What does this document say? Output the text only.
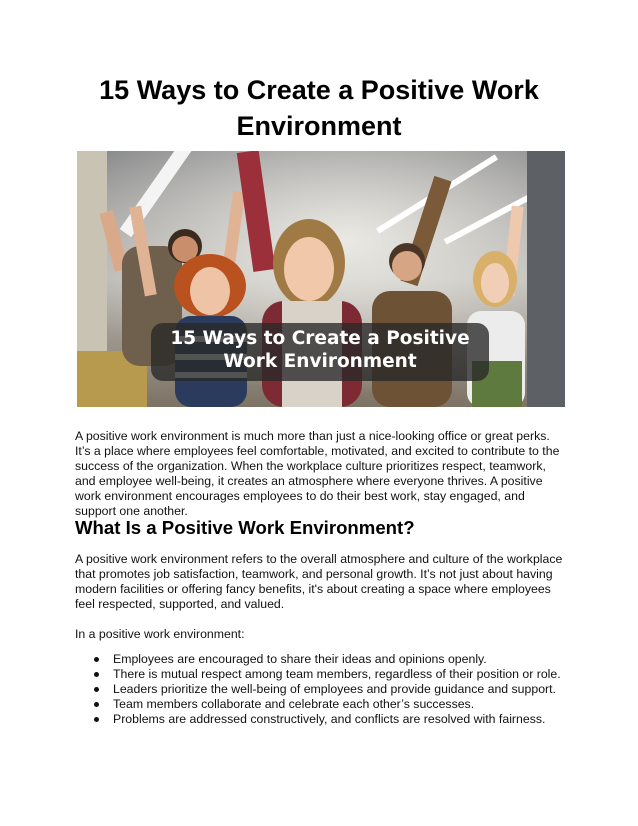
15 Ways to Create a Positive Work Environment
15 Ways to Create a Positive Work Environment

A positive work environment is much more than just a nice-looking office or great perks. It’s a place where employees feel comfortable, motivated, and excited to contribute to the success of the organization. When the workplace culture prioritizes respect, teamwork, and employee well-being, it creates an atmosphere where everyone thrives. A positive work environment encourages employees to do their best work, stay engaged, and support one another.

What Is a Positive Work Environment?

A positive work environment refers to the overall atmosphere and culture of the workplace that promotes job satisfaction, teamwork, and personal growth. It’s not just about having modern facilities or offering fancy benefits, it's about creating a space where employees feel respected, supported, and valued.

In a positive work environment:

Employees are encouraged to share their ideas and opinions openly.
There is mutual respect among team members, regardless of their position or role.
Leaders prioritize the well-being of employees and provide guidance and support.
Team members collaborate and celebrate each other’s successes.
Problems are addressed constructively, and conflicts are resolved with fairness.
